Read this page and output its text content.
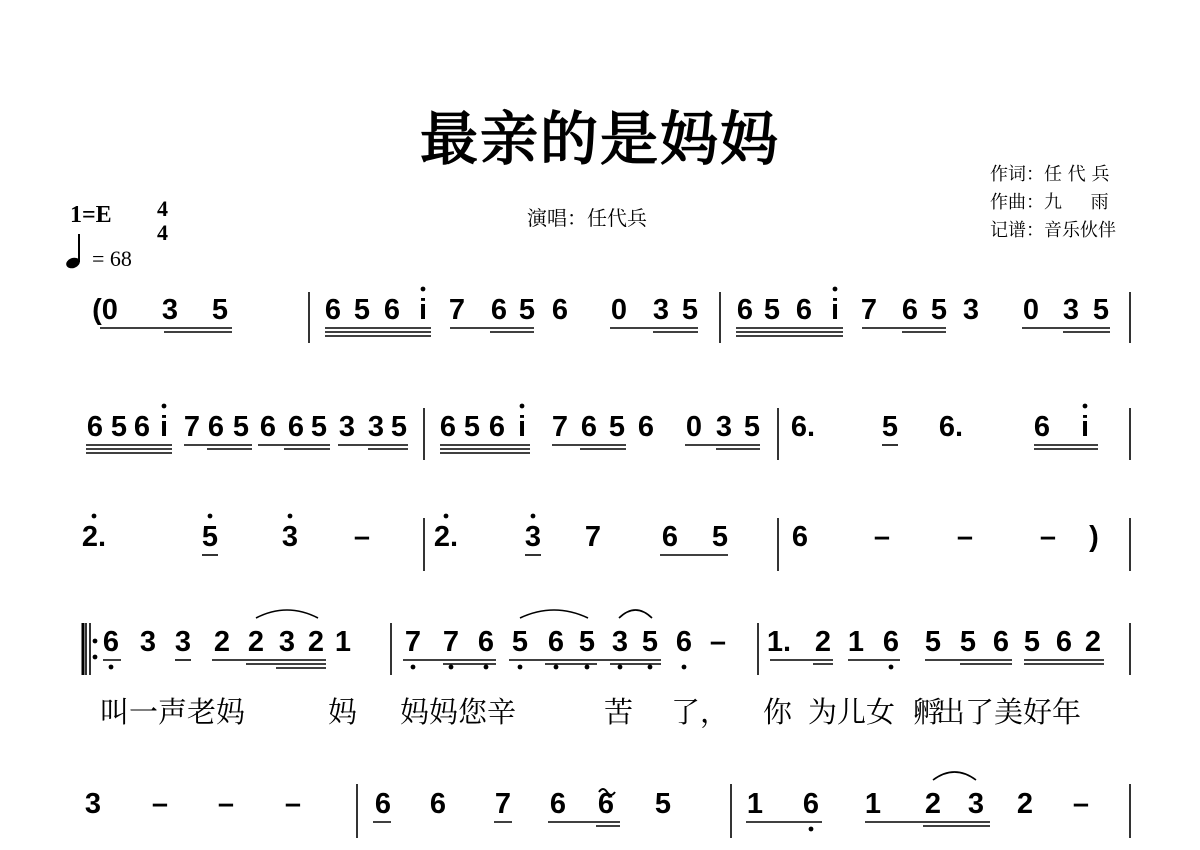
最亲的是妈妈
作词：任 代 兵
作曲：九     雨
记谱：音乐伙伴
演唱：任代兵
1=E 4
4
= 68
(0 3 5	6 5 6 i 7 6 5 6 0 3 5 6 5 6 i 7 6 5 3 0 3 5
6 5 6 i 7 6 5 6 6 5 3 3 5 6 5 6 i 7 6 5 6 0 3 5 6. 5 6. 6 i
2.	5 3 – 2. 3 7 6 5 6 – – – )
6 3 3 2 2 3 2 1 7 7 6 5 6 5 3 5 6 – 1. 2 1 6 5 5 6 5 6 2
3 – – –	6 6 7 6 6 5	1 6 1 2 3 2 –
叫一声老妈	妈 妈妈您辛	苦 了， 你 为儿女 孵
出了美好年
